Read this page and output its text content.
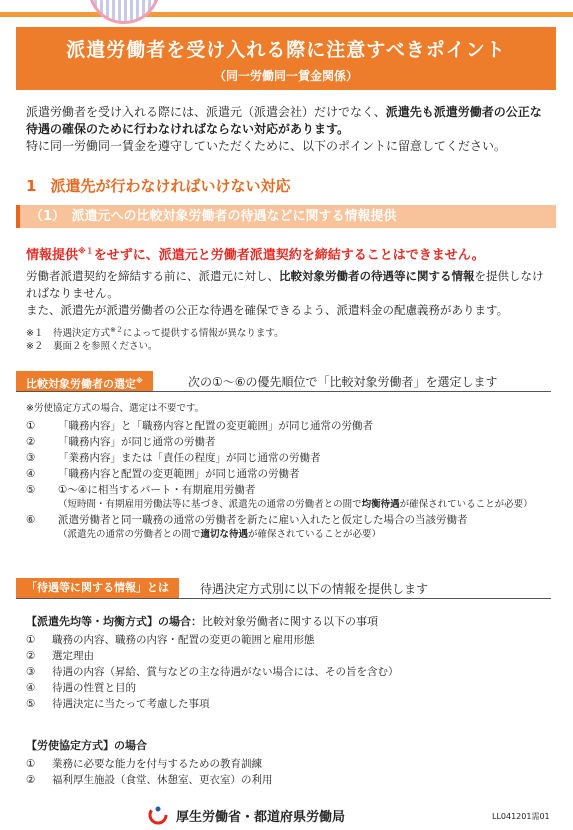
派遣労働者を受け入れる際に注意すべきポイント
（同一労働同一賃金関係）
派遣労働者を受け入れる際には、派遣元（派遣会社）だけでなく、派遣先も派遣労働者の公正な待遇の確保のために行わなければならない対応があります。
特に同一労働同一賃金を遵守していただくために、以下のポイントに留意してください。
1 派遣先が行わなければいけない対応
（1）　派遣元への比較対象労働者の待遇などに関する情報提供
情報提供$^{※1}$をせずに、派遣元と労働者派遣契約を締結することはできません。
労働者派遣契約を締結する前に、派遣元に対し、比較対象労働者の待遇等に関する情報を提供しなければなりません。
また、派遣先が派遣労働者の公正な待遇を確保できるよう、派遣料金の配慮義務があります。
※１　待遇決定方式$^{※2}$によって提供する情報が異なります。
※２　裏面２を参照ください。
比較対象労働者の選定※	次の①～⑥の優先順位で「比較対象労働者」を選定します
※労使協定方式の場合、選定は不要です。
①	「職務内容」と「職務内容と配置の変更範囲」が同じ通常の労働者
②	「職務内容」が同じ通常の労働者
③	「業務内容」または「責任の程度」が同じ通常の労働者
④	「職務内容と配置の変更範囲」が同じ通常の労働者
⑤	①～④に相当するパート・有期雇用労働者
（短時間・有期雇用労働法等に基づき、派遣先の通常の労働者との間で均衡待遇が確保されていることが必要）
⑥	派遣労働者と同一職務の通常の労働者を新たに雇い入れたと仮定した場合の当該労働者
（派遣先の通常の労働者との間で適切な待遇が確保されていることが必要）
「待遇等に関する情報」とは	待遇決定方式別に以下の情報を提供します
【派遣先均等・均衡方式】の場合：比較対象労働者に関する以下の事項
①	職務の内容、職務の内容・配置の変更の範囲と雇用形態
②	選定理由
③	待遇の内容（昇給、賞与などの主な待遇がない場合には、その旨を含む）
④	待遇の性質と目的
⑤	待遇決定に当たって考慮した事項
【労使協定方式】の場合
①	業務に必要な能力を付与するための教育訓練
②	福利厚生施設（食堂、休憩室、更衣室）の利用
厚生労働省・都道府県労働局	LL041201需01
